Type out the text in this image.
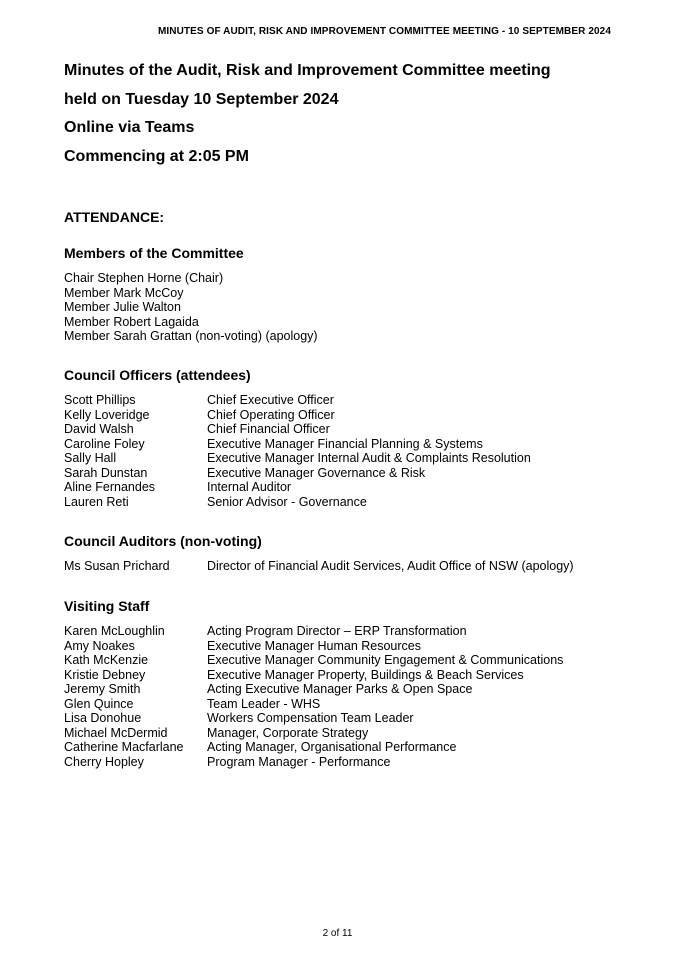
MINUTES OF AUDIT, RISK AND IMPROVEMENT COMMITTEE MEETING - 10 SEPTEMBER 2024
Minutes of the Audit, Risk and Improvement Committee meeting
held on Tuesday 10 September 2024
Online via Teams
Commencing at 2:05 PM
ATTENDANCE:
Members of the Committee
Chair Stephen Horne (Chair)
Member Mark McCoy
Member Julie Walton
Member Robert Lagaida
Member Sarah Grattan (non-voting) (apology)
Council Officers (attendees)
Scott Phillips	Chief Executive Officer
Kelly Loveridge	Chief Operating Officer
David Walsh	Chief Financial Officer
Caroline Foley	Executive Manager Financial Planning & Systems
Sally Hall	Executive Manager Internal Audit & Complaints Resolution
Sarah Dunstan	Executive Manager Governance & Risk
Aline Fernandes	Internal Auditor
Lauren Reti	Senior Advisor - Governance
Council Auditors (non-voting)
Ms Susan Prichard	Director of Financial Audit Services, Audit Office of NSW (apology)
Visiting Staff
Karen McLoughlin	Acting Program Director – ERP Transformation
Amy Noakes	Executive Manager Human Resources
Kath McKenzie	Executive Manager Community Engagement & Communications
Kristie Debney	Executive Manager Property, Buildings & Beach Services
Jeremy Smith	Acting Executive Manager Parks & Open Space
Glen Quince	Team Leader - WHS
Lisa Donohue	Workers Compensation Team Leader
Michael McDermid	Manager, Corporate Strategy
Catherine Macfarlane	Acting Manager, Organisational Performance
Cherry Hopley	Program Manager - Performance
2 of 11
